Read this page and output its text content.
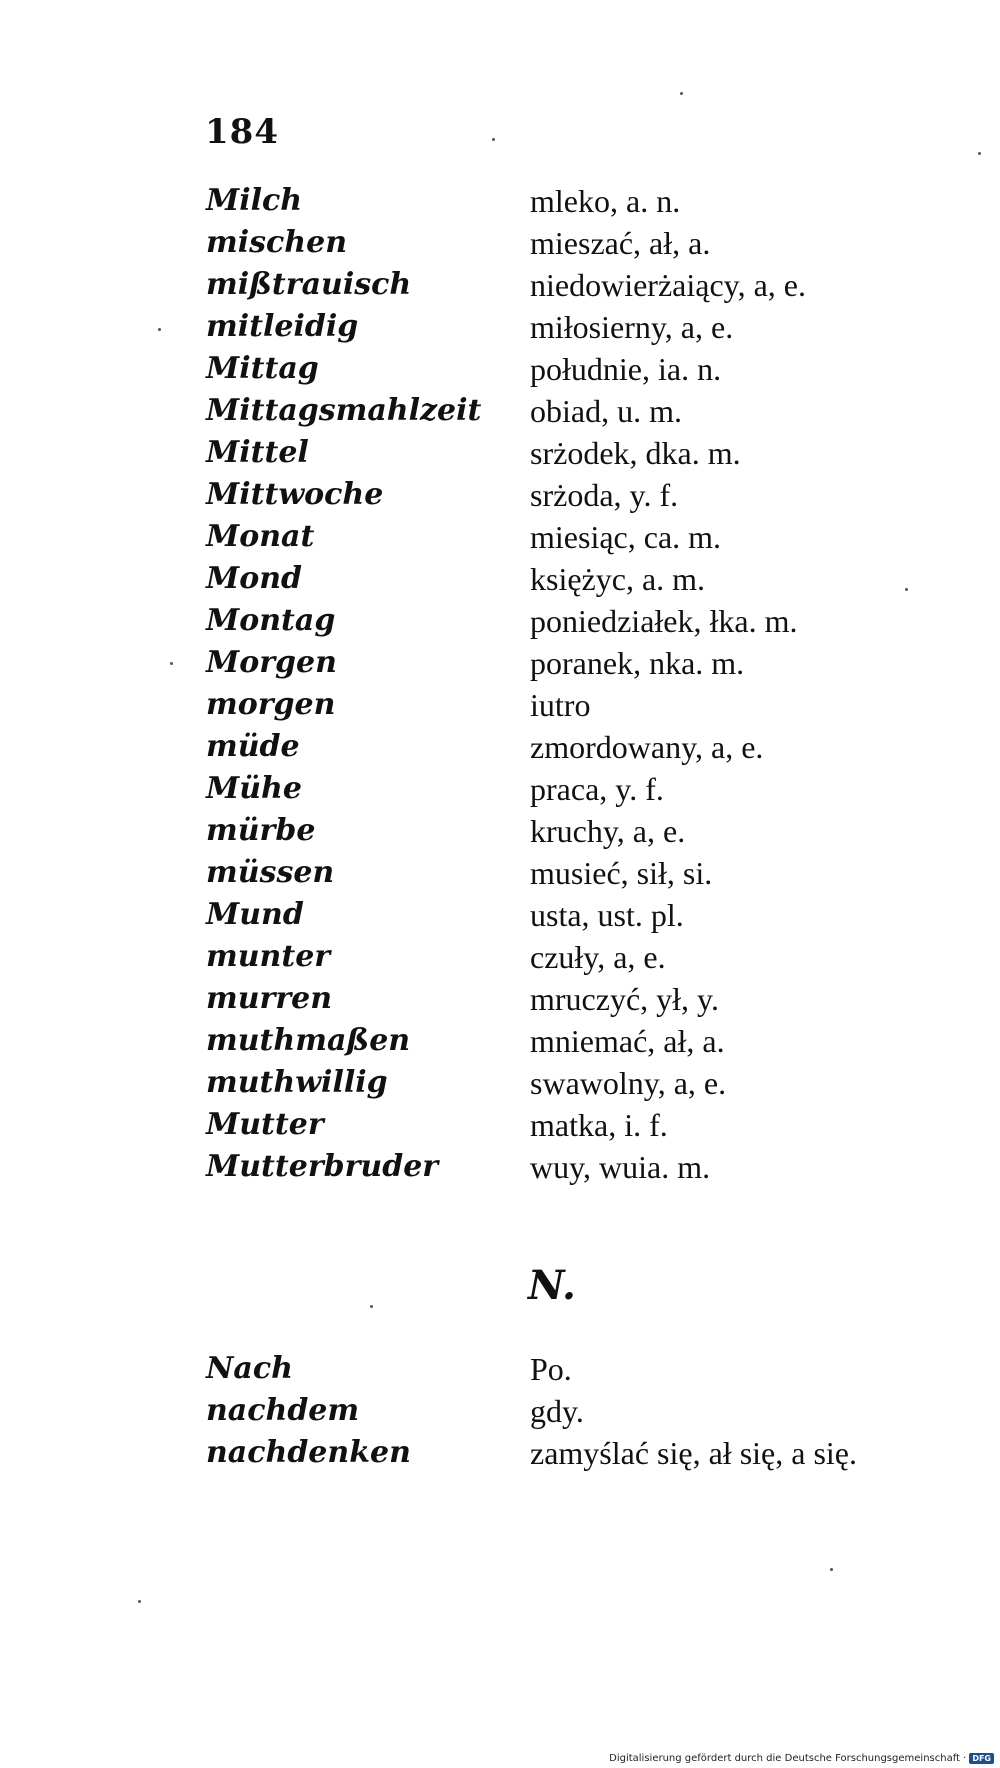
184
Milch	mleko, a. n.
mischen	mieszać, ał, a.
mißtrauisch	niedowierżaiący, a, e.
mitleidig	miłosierny, a, e.
Mittag	południe, ia. n.
Mittagsmahlzeit obiad, u. m.
Mittel	srżodek, dka. m.
Mittwoche	srżoda, y. f.
Monat	miesiąc, ca. m.
Mond	księżyc, a. m.
Montag	poniedziałek, łka. m.
Morgen	poranek, nka. m.
morgen	iutro
müde	zmordowany, a, e.
Mühe	praca, y. f.
mürbe	kruchy, a, e.
müssen	musieć, sił, si.
Mund	usta, ust. pl.
munter	czuły, a, e.
murren	mruczyć, ył, y.
muthmaßen	mniemać, ał, a.
muthwillig	swawolny, a, e.
Mutter	matka, i. f.
Mutterbruder	wuy, wuia. m.
N.
Nach	Po.
nachdem	gdy.
nachdenken	zamyślać się, ał się, a się.
Digitalisierung gefördert durch die Deutsche Forschungsgemeinschaft · DFG
